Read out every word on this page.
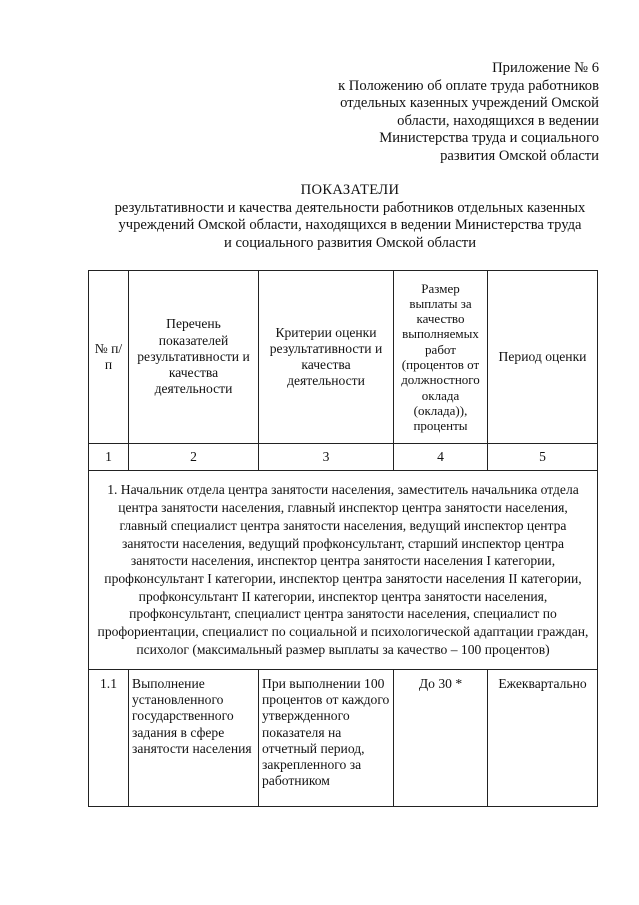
Приложение № 6
к Положению об оплате труда работников
отдельных казенных учреждений Омской
области, находящихся в ведении
Министерства труда и социального
развития Омской области
ПОКАЗАТЕЛИ
результативности и качества деятельности работников отдельных казенных
учреждений Омской области, находящихся в ведении Министерства труда
и социального развития Омской области
№ п/п	Перечень показателей результативности и качества деятельности	Критерии оценки результативности и качества деятельности	Размер выплаты за качество выполняемых работ (процентов от должностного оклада (оклада)), проценты	Период оценки
1	2	3	4	5
1. Начальник отдела центра занятости населения, заместитель начальника отдела центра занятости населения, главный инспектор центра занятости населения, главный специалист центра занятости населения, ведущий инспектор центра занятости населения, ведущий профконсультант, старший инспектор центра занятости населения, инспектор центра занятости населения I категории, профконсультант I категории, инспектор центра занятости населения II категории, профконсультант II категории, инспектор центра занятости населения, профконсультант, специалист центра занятости населения, специалист по профориентации, специалист по социальной и психологической адаптации граждан, психолог (максимальный размер выплаты за качество – 100 процентов)				
1.1	Выполнение установленного государственного задания в сфере занятости населения	При выполнении 100 процентов от каждого утвержденного показателя на отчетный период, закрепленного за работником	До 30 *	Ежеквартально
